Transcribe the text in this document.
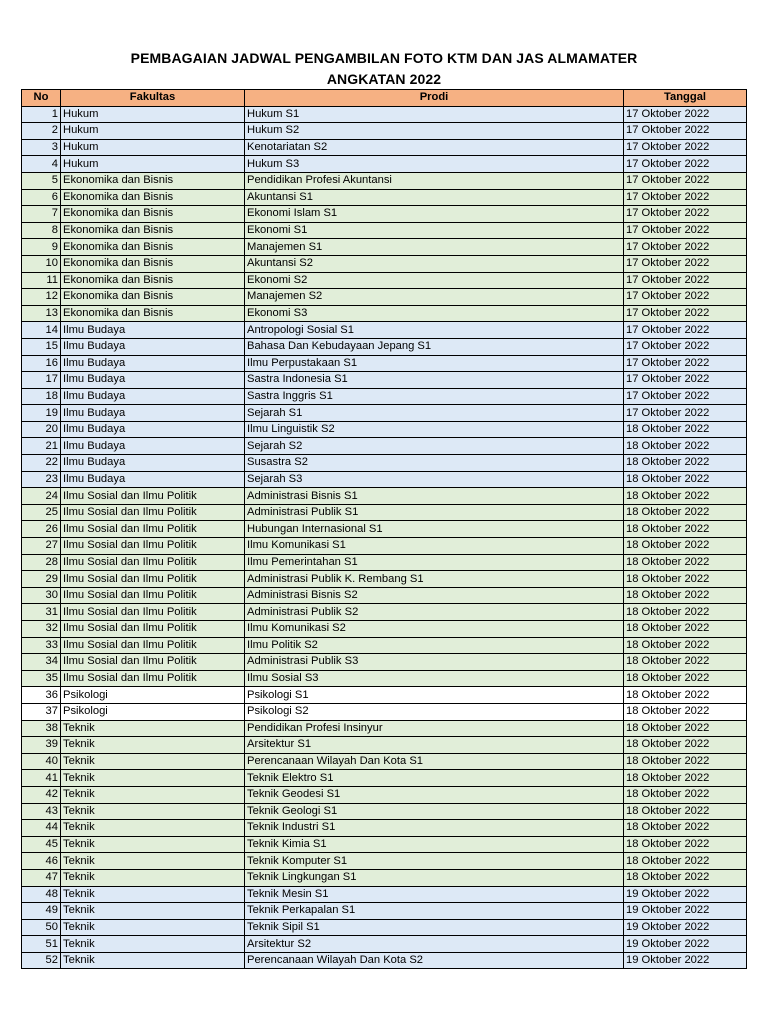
PEMBAGAIAN JADWAL PENGAMBILAN FOTO KTM DAN JAS ALMAMATER
ANGKATAN 2022
No	Fakultas	Prodi	Tanggal
1	Hukum	Hukum S1	17 Oktober 2022
2	Hukum	Hukum S2	17 Oktober 2022
3	Hukum	Kenotariatan S2	17 Oktober 2022
4	Hukum	Hukum S3	17 Oktober 2022
5	Ekonomika dan Bisnis	Pendidikan Profesi Akuntansi	17 Oktober 2022
6	Ekonomika dan Bisnis	Akuntansi S1	17 Oktober 2022
7	Ekonomika dan Bisnis	Ekonomi Islam S1	17 Oktober 2022
8	Ekonomika dan Bisnis	Ekonomi S1	17 Oktober 2022
9	Ekonomika dan Bisnis	Manajemen S1	17 Oktober 2022
10	Ekonomika dan Bisnis	Akuntansi S2	17 Oktober 2022
11	Ekonomika dan Bisnis	Ekonomi S2	17 Oktober 2022
12	Ekonomika dan Bisnis	Manajemen S2	17 Oktober 2022
13	Ekonomika dan Bisnis	Ekonomi S3	17 Oktober 2022
14	Ilmu Budaya	Antropologi Sosial S1	17 Oktober 2022
15	Ilmu Budaya	Bahasa Dan Kebudayaan Jepang S1	17 Oktober 2022
16	Ilmu Budaya	Ilmu Perpustakaan S1	17 Oktober 2022
17	Ilmu Budaya	Sastra Indonesia S1	17 Oktober 2022
18	Ilmu Budaya	Sastra Inggris S1	17 Oktober 2022
19	Ilmu Budaya	Sejarah S1	17 Oktober 2022
20	Ilmu Budaya	Ilmu Linguistik S2	18 Oktober 2022
21	Ilmu Budaya	Sejarah S2	18 Oktober 2022
22	Ilmu Budaya	Susastra S2	18 Oktober 2022
23	Ilmu Budaya	Sejarah S3	18 Oktober 2022
24	Ilmu Sosial dan Ilmu Politik	Administrasi Bisnis S1	18 Oktober 2022
25	Ilmu Sosial dan Ilmu Politik	Administrasi Publik S1	18 Oktober 2022
26	Ilmu Sosial dan Ilmu Politik	Hubungan Internasional S1	18 Oktober 2022
27	Ilmu Sosial dan Ilmu Politik	Ilmu Komunikasi S1	18 Oktober 2022
28	Ilmu Sosial dan Ilmu Politik	Ilmu Pemerintahan S1	18 Oktober 2022
29	Ilmu Sosial dan Ilmu Politik	Administrasi Publik K. Rembang S1	18 Oktober 2022
30	Ilmu Sosial dan Ilmu Politik	Administrasi Bisnis S2	18 Oktober 2022
31	Ilmu Sosial dan Ilmu Politik	Administrasi Publik S2	18 Oktober 2022
32	Ilmu Sosial dan Ilmu Politik	Ilmu Komunikasi S2	18 Oktober 2022
33	Ilmu Sosial dan Ilmu Politik	Ilmu Politik S2	18 Oktober 2022
34	Ilmu Sosial dan Ilmu Politik	Administrasi Publik S3	18 Oktober 2022
35	Ilmu Sosial dan Ilmu Politik	Ilmu Sosial S3	18 Oktober 2022
36	Psikologi	Psikologi S1	18 Oktober 2022
37	Psikologi	Psikologi S2	18 Oktober 2022
38	Teknik	Pendidikan Profesi Insinyur	18 Oktober 2022
39	Teknik	Arsitektur S1	18 Oktober 2022
40	Teknik	Perencanaan Wilayah Dan Kota S1	18 Oktober 2022
41	Teknik	Teknik Elektro S1	18 Oktober 2022
42	Teknik	Teknik Geodesi S1	18 Oktober 2022
43	Teknik	Teknik Geologi S1	18 Oktober 2022
44	Teknik	Teknik Industri S1	18 Oktober 2022
45	Teknik	Teknik Kimia S1	18 Oktober 2022
46	Teknik	Teknik Komputer S1	18 Oktober 2022
47	Teknik	Teknik Lingkungan S1	18 Oktober 2022
48	Teknik	Teknik Mesin S1	19 Oktober 2022
49	Teknik	Teknik Perkapalan S1	19 Oktober 2022
50	Teknik	Teknik Sipil S1	19 Oktober 2022
51	Teknik	Arsitektur S2	19 Oktober 2022
52	Teknik	Perencanaan Wilayah Dan Kota S2	19 Oktober 2022
